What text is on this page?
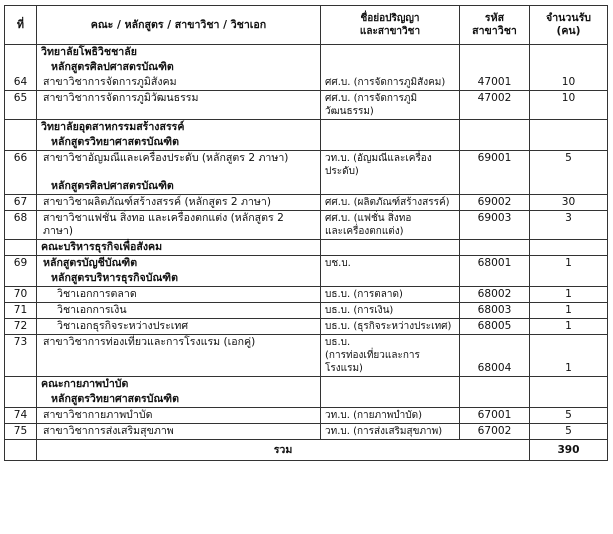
ที่	คณะ / หลักสูตร / สาขาวิชา / วิชาเอก	ชื่อย่อปริญญา
และสาขาวิชา	รหัส
สาขาวิชา	จำนวนรับ
(คน)

	วิทยาลัยโพธิวิชชาลัย			
	หลักสูตรศิลปศาสตรบัณฑิต			
64	สาขาวิชาการจัดการภูมิสังคม	ศศ.บ. (การจัดการภูมิสังคม)	47001	10
65	สาขาวิชาการจัดการภูมิวัฒนธรรม	ศศ.บ. (การจัดการภูมิวัฒนธรรม)	47002	10
	วิทยาลัยอุตสาหกรรมสร้างสรรค์			
	หลักสูตรวิทยาศาสตรบัณฑิต			
66	สาขาวิชาอัญมณีและเครื่องประดับ (หลักสูตร 2 ภาษา)	วท.บ. (อัญมณีและเครื่องประดับ)	69001	5
	หลักสูตรศิลปศาสตรบัณฑิต			
67	สาขาวิชาผลิตภัณฑ์สร้างสรรค์ (หลักสูตร 2 ภาษา)	ศศ.บ. (ผลิตภัณฑ์สร้างสรรค์)	69002	30
68	สาขาวิชาแฟชั่น สิ่งทอ และเครื่องตกแต่ง (หลักสูตร 2 ภาษา)	ศศ.บ. (แฟชั่น สิ่งทอ
และเครื่องตกแต่ง)	69003	3
	คณะบริหารธุรกิจเพื่อสังคม			
69	หลักสูตรบัญชีบัณฑิต	บช.บ.	68001	1
	หลักสูตรบริหารธุรกิจบัณฑิต			
70	วิชาเอกการตลาด	บธ.บ. (การตลาด)	68002	1
71	วิชาเอกการเงิน	บธ.บ. (การเงิน)	68003	1
72	วิชาเอกธุรกิจระหว่างประเทศ	บธ.บ. (ธุรกิจระหว่างประเทศ)	68005	1
73	สาขาวิชาการท่องเที่ยวและการโรงแรม (เอกคู่)	บธ.บ.
(การท่องเที่ยวและการโรงแรม)	68004	1
	คณะกายภาพบำบัด			
	หลักสูตรวิทยาศาสตรบัณฑิต			
74	สาขาวิชากายภาพบำบัด	วท.บ. (กายภาพบำบัด)	67001	5
75	สาขาวิชาการส่งเสริมสุขภาพ	วท.บ. (การส่งเสริมสุขภาพ)	67002	5
	รวม			390
